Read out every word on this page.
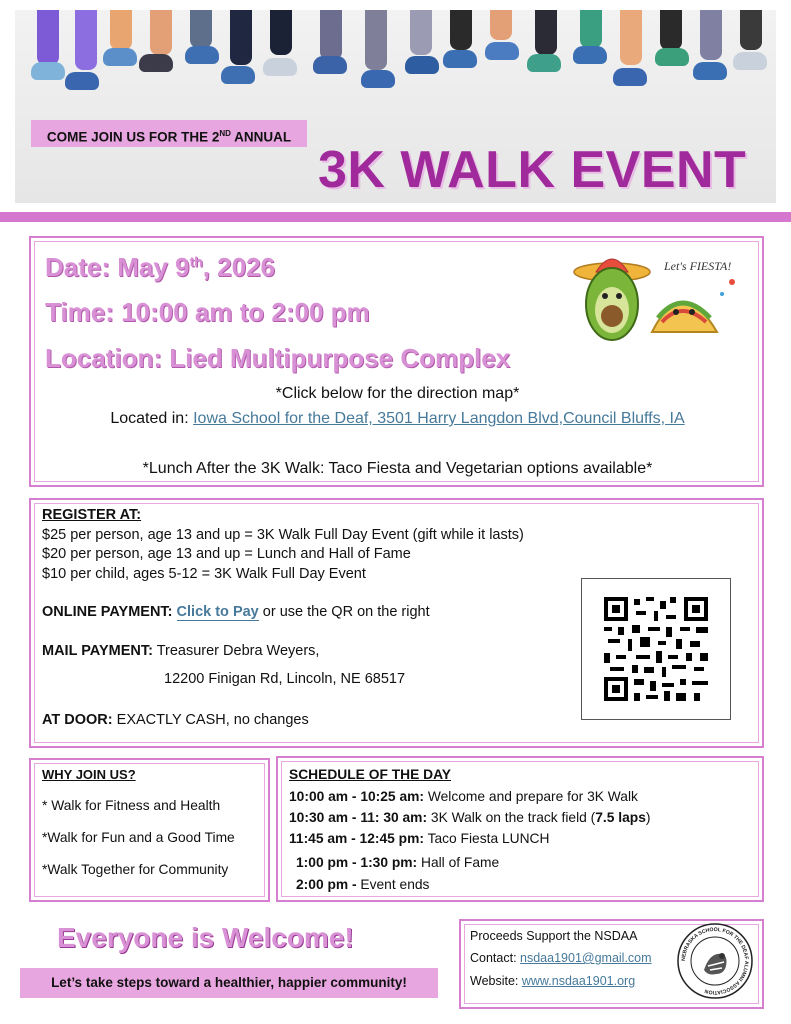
COME JOIN US FOR THE 2ND ANNUAL
3K WALK EVENT
Date: May 9th, 2026
Time: 10:00 am to 2:00 pm
Location: Lied Multipurpose Complex
Let's FIESTA!
*Click below for the direction map*
Located in: Iowa School for the Deaf, 3501 Harry Langdon Blvd,Council Bluffs, IA
*Lunch After the 3K Walk: Taco Fiesta and Vegetarian options available*
REGISTER AT:
$25 per person, age 13 and up = 3K Walk Full Day Event (gift while it lasts)
$20 per person, age 13 and up = Lunch and Hall of Fame
$10 per child, ages 5-12 = 3K Walk Full Day Event
ONLINE PAYMENT: Click to Pay or use the QR on the right
MAIL PAYMENT: Treasurer Debra Weyers,
12200 Finigan Rd, Lincoln, NE 68517
AT DOOR: EXACTLY CASH, no changes
WHY JOIN US?
* Walk for Fitness and Health
*Walk for Fun and a Good Time
*Walk Together for Community
SCHEDULE OF THE DAY
10:00 am - 10:25 am: Welcome and prepare for 3K Walk
10:30 am - 11: 30 am: 3K Walk on the track field (7.5 laps)
11:45 am - 12:45 pm: Taco Fiesta LUNCH
1:00 pm - 1:30 pm: Hall of Fame
2:00 pm - Event ends
Everyone is Welcome!
Let’s take steps toward a healthier, happier community!
Proceeds Support the NSDAA
Contact: nsdaa1901@gmail.com
Website: www.nsdaa1901.org
NEBRASKA SCHOOL FOR THE DEAF ALUMNI ASSOCIATION
